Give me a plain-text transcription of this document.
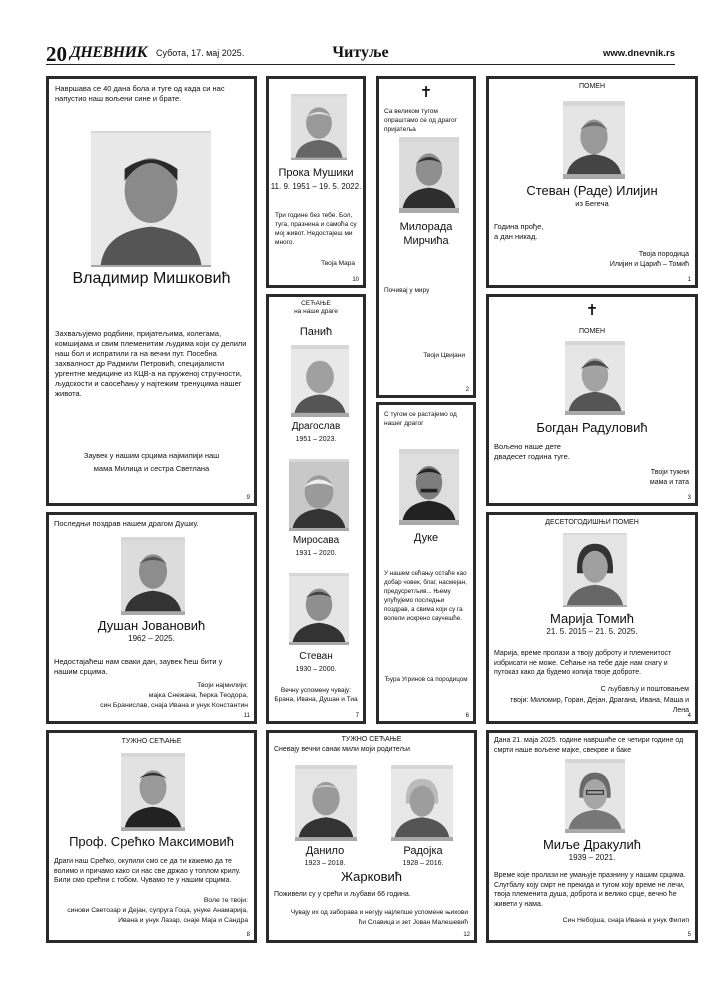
20 ДНЕВНИК Субота, 17. мај 2025.	Читуље	www.dnevnik.rs
Навршава се 40 дана бола и туге од када си нас напустио наш вољени сине и брате.
Владимир Мишковић
Захваљујемо родбини, пријатељима, колегама, комшијама и свим племенитим људима који су делили наш бол и испратили га на вечни пут. Посебна захвалност др Радмили Петровић, специјалисти ургентне медицине из КЦВ-а на пруженој стручности, људскости и саосећању у најтежим тренуцима нашег живота.
Заувек у нашим срцима најмилији наш
мама Милица и сестра Светлана
9
Прока Мушики
11. 9. 1951 – 19. 5. 2022.
Три године без тебе. Бол, туга, празнина и самоћа су мој живот. Недостајеш ми много.
Твоја Мара
10
✝
Са великом тугом опраштамо се од драгог пријатеља
Милорада Мирчића
Почивај у миру
Твоји Цвијани
2
ПОМЕН
Стеван (Раде) Илијин
из Бегеча
Година прође,
а дан никад.
Твоја породица
Илијин и Царић – Томић
1
СЕЋАЊЕ
на наше драге
Панић
Драгослав
1951 – 2023.
Миросава
1931 – 2020.
Стеван
1930 – 2000.
Вечну успомену чувају:
Брана, Ивана, Душан и Тиа
7
С тугом се растајемо од нашег драгог
Дуке
У нашем сећању остаће као добар човек, благ, насмејан, предусретљив... Њему упућујемо последњи поздрав, а свима који су га волели искрено саучешће.
Ђура Угринов са породицом
6
✝
ПОМЕН
Богдан Радуловић
Вољено наше дете
двадесет година туге.
Твоји тужни
мама и тата
3
Последњи поздрав нашем драгом Душку.
Душан Јовановић
1962 – 2025.
Недостајаћеш нам сваки дан, заувек ћеш бити у нашим срцима.
Твоји најмилији:
мајка Снежана, ћерка Теодора,
син Бранислав, снаја Ивана и унук Константин
11
ДЕСЕТОГОДИШЊИ ПОМЕН
Марија Томић
21. 5. 2015 – 21. 5. 2025.
Марија, време пролази а твоју доброту и племенитост избрисати не може. Сећање на тебе даје нам снагу и путоказ како да будемо копија твоје доброте.
С љубављу и поштовањем
твоји: Миломир, Горан, Дејан, Драгана, Ивана, Маша и Лена
4
ТУЖНО СЕЋАЊЕ
Проф. Срећко Максимовић
Драги наш Срећко, окупили смо се да ти кажемо да те волимо и причамо како си нас све држао у топлом крилу. Били смо срећни с тобом. Чувамо те у нашим срцима.
Воле те твоји:
синови Светозар и Дејан, супруга Гоца, унуке Анамарија,
Ивана и унук Лазар, снаје Маја и Сандра
8
ТУЖНО СЕЋАЊЕ
Сневају вечни санак мили моји родитељи
Данило
1923 – 2018.
Радојка
1928 – 2016.
Жарковић
Поживели су у срећи и љубави 66 година.
Чувају их од заборава и негују најлепше успомене њихови
ћи Славица и зет Јован Малешевић
12
Дана 21. маја 2025. године навршиће се четири године од смрти наше вољене мајке, свекрве и баке
Миље Дракулић
1939 – 2021.
Време које пролази не умањује празнину у нашим срцима. Слугбалу коју смрт не прекида и тугом коју време не лечи, твоја племенита душа, доброта и велико срце, вечно ће живети у нама.
Син Небојша, снаја Ивана и унук Филип
5
